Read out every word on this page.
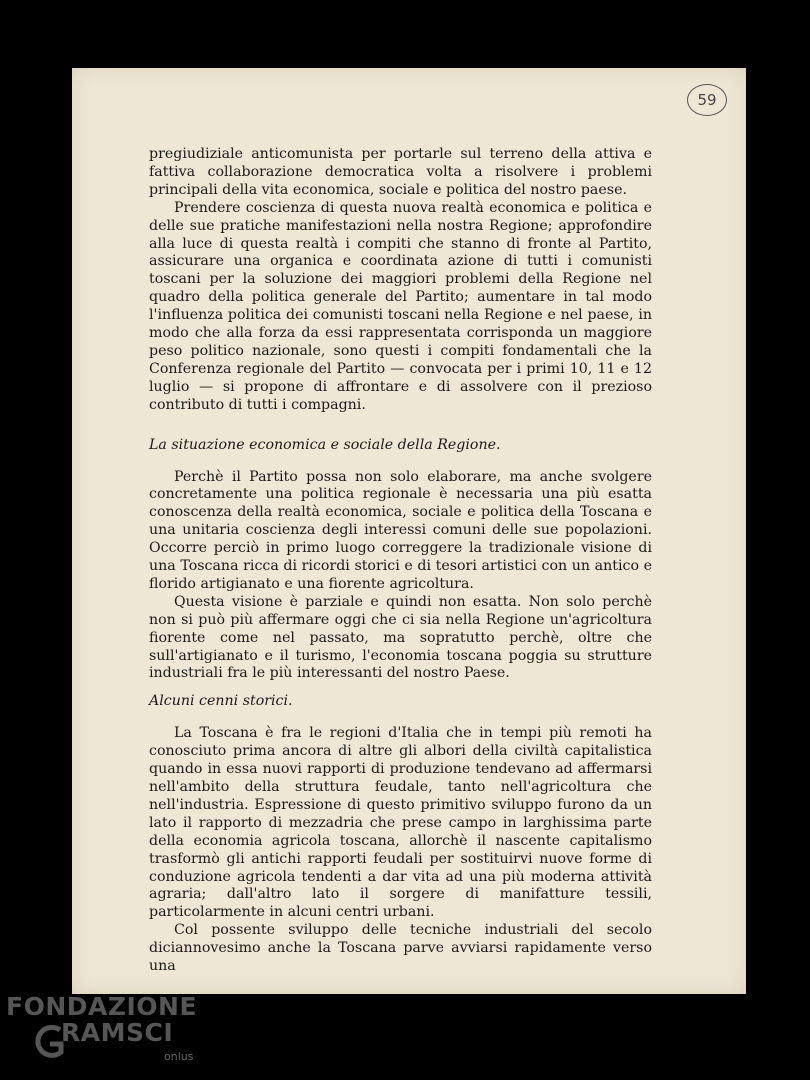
59

pregiudiziale anticomunista per portarle sul terreno della attiva e fattiva collaborazione democratica volta a risolvere i problemi principali della vita economica, sociale e politica del nostro paese.

Prendere coscienza di questa nuova realtà economica e politica e delle sue pratiche manifestazioni nella nostra Regione; approfondire alla luce di questa realtà i compiti che stanno di fronte al Partito, assicurare una organica e coordinata azione di tutti i comunisti toscani per la soluzione dei maggiori problemi della Regione nel quadro della politica generale del Partito; aumentare in tal modo l'influenza politica dei comunisti toscani nella Regione e nel paese, in modo che alla forza da essi rappresentata corrisponda un maggiore peso politico nazionale, sono questi i compiti fondamentali che la Conferenza regionale del Partito — convocata per i primi 10, 11 e 12 luglio — si propone di affrontare e di assolvere con il prezioso contributo di tutti i compagni.

La situazione economica e sociale della Regione.

Perchè il Partito possa non solo elaborare, ma anche svolgere concretamente una politica regionale è necessaria una più esatta conoscenza della realtà economica, sociale e politica della Toscana e una unitaria coscienza degli interessi comuni delle sue popolazioni. Occorre perciò in primo luogo correggere la tradizionale visione di una Toscana ricca di ricordi storici e di tesori artistici con un antico e florido artigianato e una fiorente agricoltura.

Questa visione è parziale e quindi non esatta. Non solo perchè non si può più affermare oggi che ci sia nella Regione un'agricoltura fiorente come nel passato, ma sopratutto perchè, oltre che sull'artigianato e il turismo, l'economia toscana poggia su strutture industriali fra le più interessanti del nostro Paese.

Alcuni cenni storici.

La Toscana è fra le regioni d'Italia che in tempi più remoti ha conosciuto prima ancora di altre gli albori della civiltà capitalistica quando in essa nuovi rapporti di produzione tendevano ad affermarsi nell'ambito della struttura feudale, tanto nell'agricoltura che nell'industria. Espressione di questo primitivo sviluppo furono da un lato il rapporto di mezzadria che prese campo in larghissima parte della economia agricola toscana, allorchè il nascente capitalismo trasformò gli antichi rapporti feudali per sostituirvi nuove forme di conduzione agricola tendenti a dar vita ad una più moderna attività agraria; dall'altro lato il sorgere di manifatture tessili, particolarmente in alcuni centri urbani.

Col possente sviluppo delle tecniche industriali del secolo diciannovesimo anche la Toscana parve avviarsi rapidamente verso una

FONDAZIONE
RAMSCI
onlus
